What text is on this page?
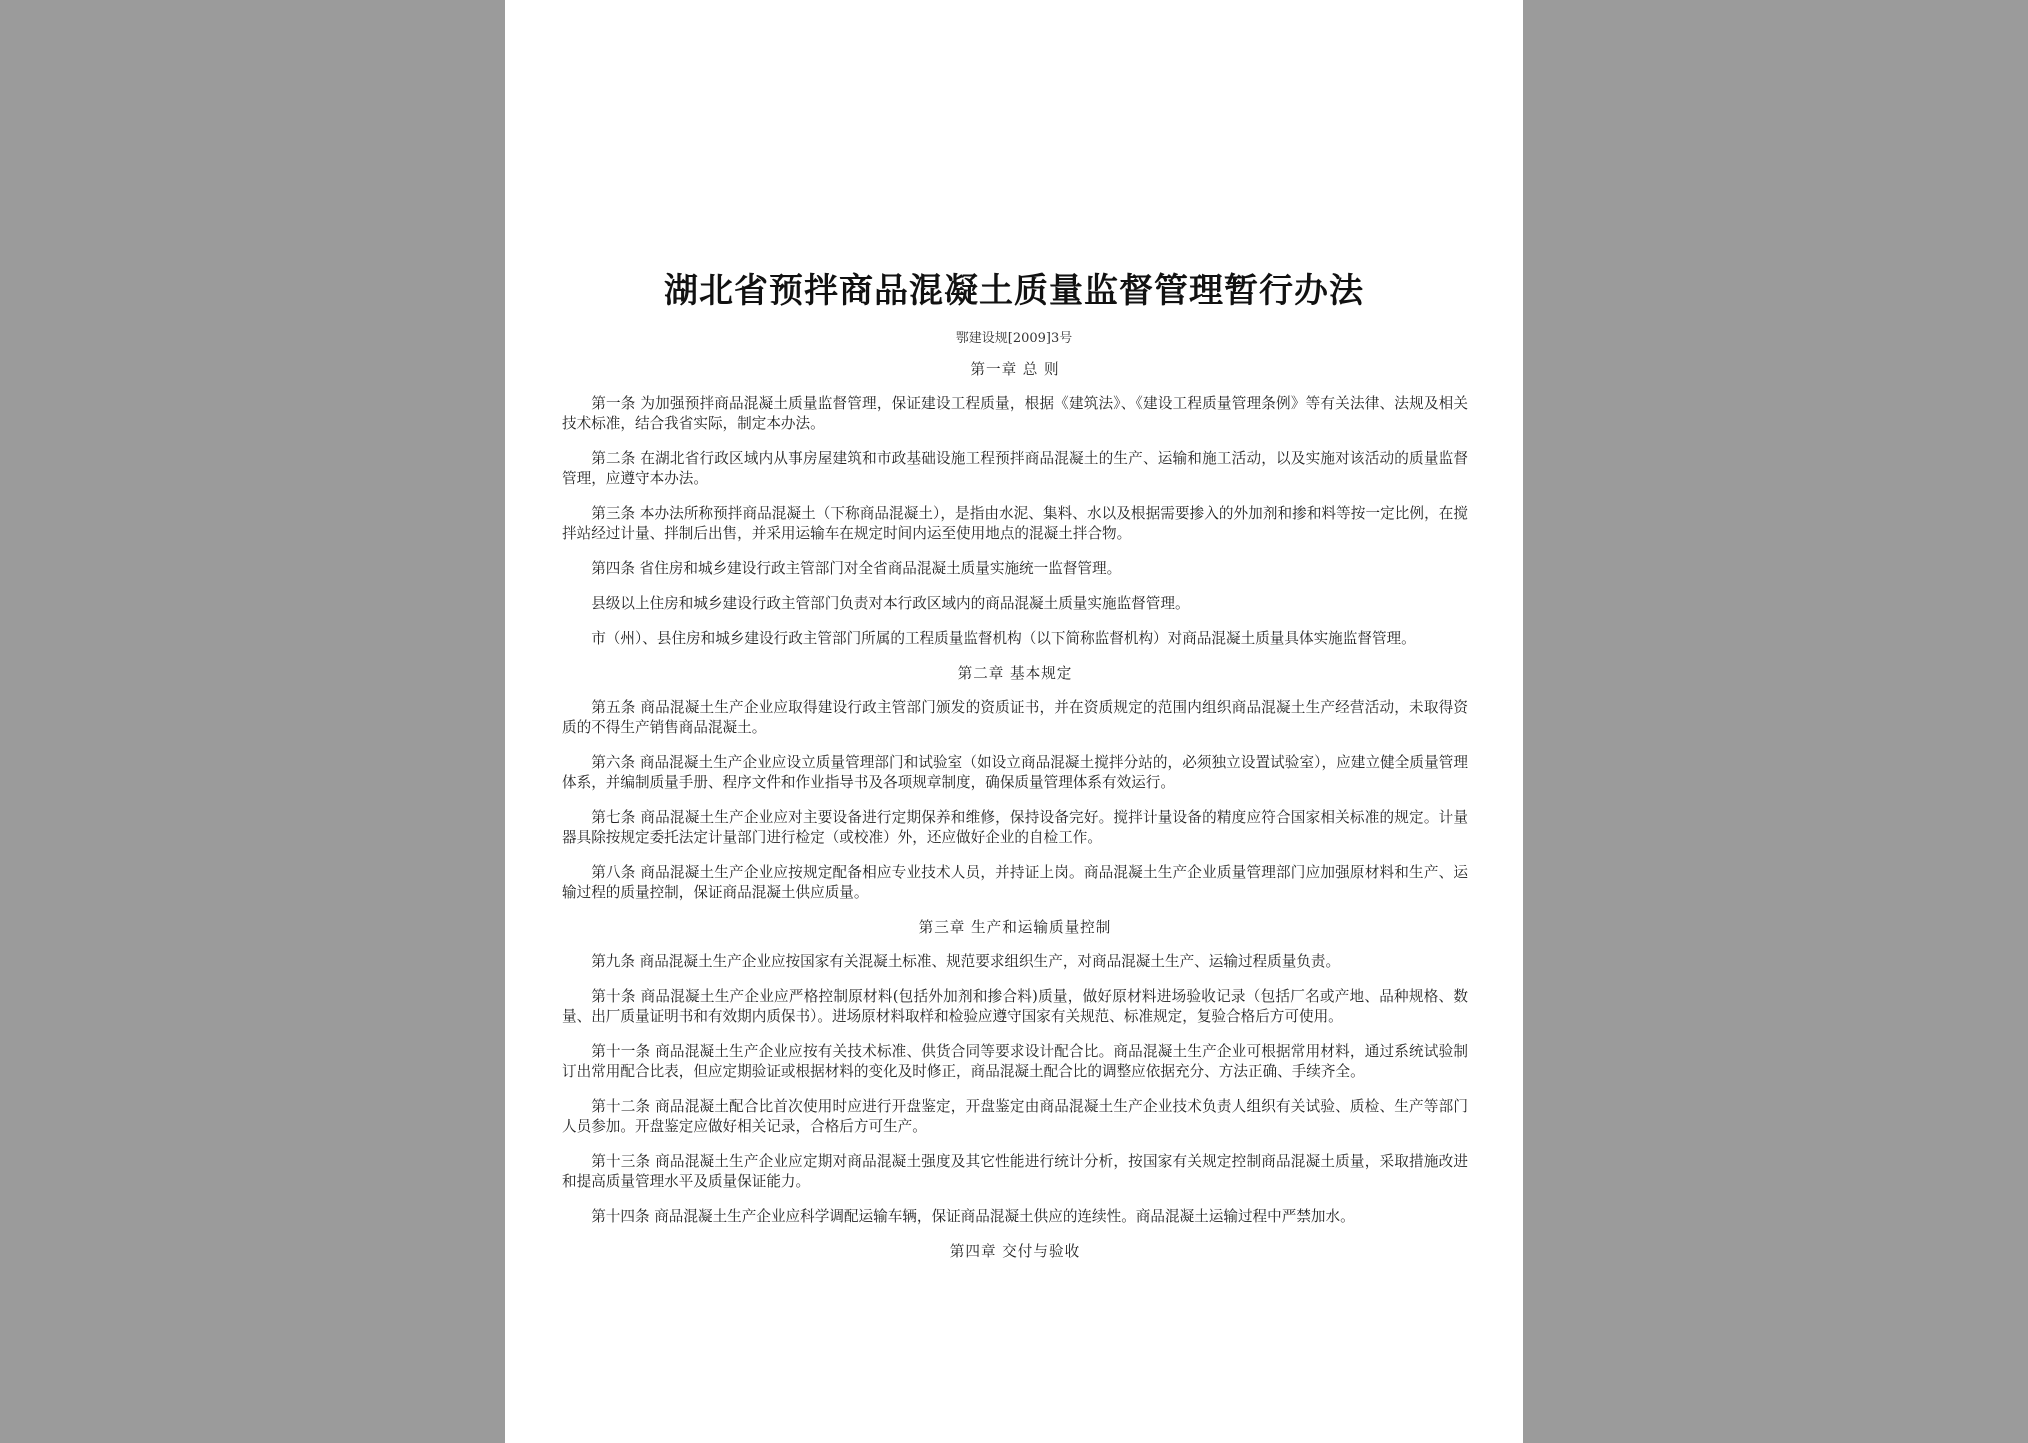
湖北省预拌商品混凝土质量监督管理暂行办法
鄂建设规[2009]3号
第一章 总 则
第一条 为加强预拌商品混凝土质量监督管理，保证建设工程质量，根据《建筑法》、《建设工程质量管理条例》等有关法律、法规及相关技术标准，结合我省实际，制定本办法。
第二条 在湖北省行政区域内从事房屋建筑和市政基础设施工程预拌商品混凝土的生产、运输和施工活动，以及实施对该活动的质量监督管理，应遵守本办法。
第三条 本办法所称预拌商品混凝土（下称商品混凝土），是指由水泥、集料、水以及根据需要掺入的外加剂和掺和料等按一定比例，在搅拌站经过计量、拌制后出售，并采用运输车在规定时间内运至使用地点的混凝土拌合物。
第四条 省住房和城乡建设行政主管部门对全省商品混凝土质量实施统一监督管理。
县级以上住房和城乡建设行政主管部门负责对本行政区域内的商品混凝土质量实施监督管理。
市（州）、县住房和城乡建设行政主管部门所属的工程质量监督机构（以下简称监督机构）对商品混凝土质量具体实施监督管理。
第二章 基本规定
第五条 商品混凝土生产企业应取得建设行政主管部门颁发的资质证书，并在资质规定的范围内组织商品混凝土生产经营活动，未取得资质的不得生产销售商品混凝土。
第六条 商品混凝土生产企业应设立质量管理部门和试验室（如设立商品混凝土搅拌分站的，必须独立设置试验室），应建立健全质量管理体系，并编制质量手册、程序文件和作业指导书及各项规章制度，确保质量管理体系有效运行。
第七条 商品混凝土生产企业应对主要设备进行定期保养和维修，保持设备完好。搅拌计量设备的精度应符合国家相关标准的规定。计量器具除按规定委托法定计量部门进行检定（或校准）外，还应做好企业的自检工作。
第八条 商品混凝土生产企业应按规定配备相应专业技术人员，并持证上岗。商品混凝土生产企业质量管理部门应加强原材料和生产、运输过程的质量控制，保证商品混凝土供应质量。
第三章 生产和运输质量控制
第九条 商品混凝土生产企业应按国家有关混凝土标准、规范要求组织生产，对商品混凝土生产、运输过程质量负责。
第十条 商品混凝土生产企业应严格控制原材料(包括外加剂和掺合料)质量，做好原材料进场验收记录（包括厂名或产地、品种规格、数量、出厂质量证明书和有效期内质保书）。进场原材料取样和检验应遵守国家有关规范、标准规定，复验合格后方可使用。
第十一条 商品混凝土生产企业应按有关技术标准、供货合同等要求设计配合比。商品混凝土生产企业可根据常用材料，通过系统试验制订出常用配合比表，但应定期验证或根据材料的变化及时修正，商品混凝土配合比的调整应依据充分、方法正确、手续齐全。
第十二条 商品混凝土配合比首次使用时应进行开盘鉴定，开盘鉴定由商品混凝土生产企业技术负责人组织有关试验、质检、生产等部门人员参加。开盘鉴定应做好相关记录，合格后方可生产。
第十三条 商品混凝土生产企业应定期对商品混凝土强度及其它性能进行统计分析，按国家有关规定控制商品混凝土质量，采取措施改进和提高质量管理水平及质量保证能力。
第十四条 商品混凝土生产企业应科学调配运输车辆，保证商品混凝土供应的连续性。商品混凝土运输过程中严禁加水。
第四章 交付与验收
